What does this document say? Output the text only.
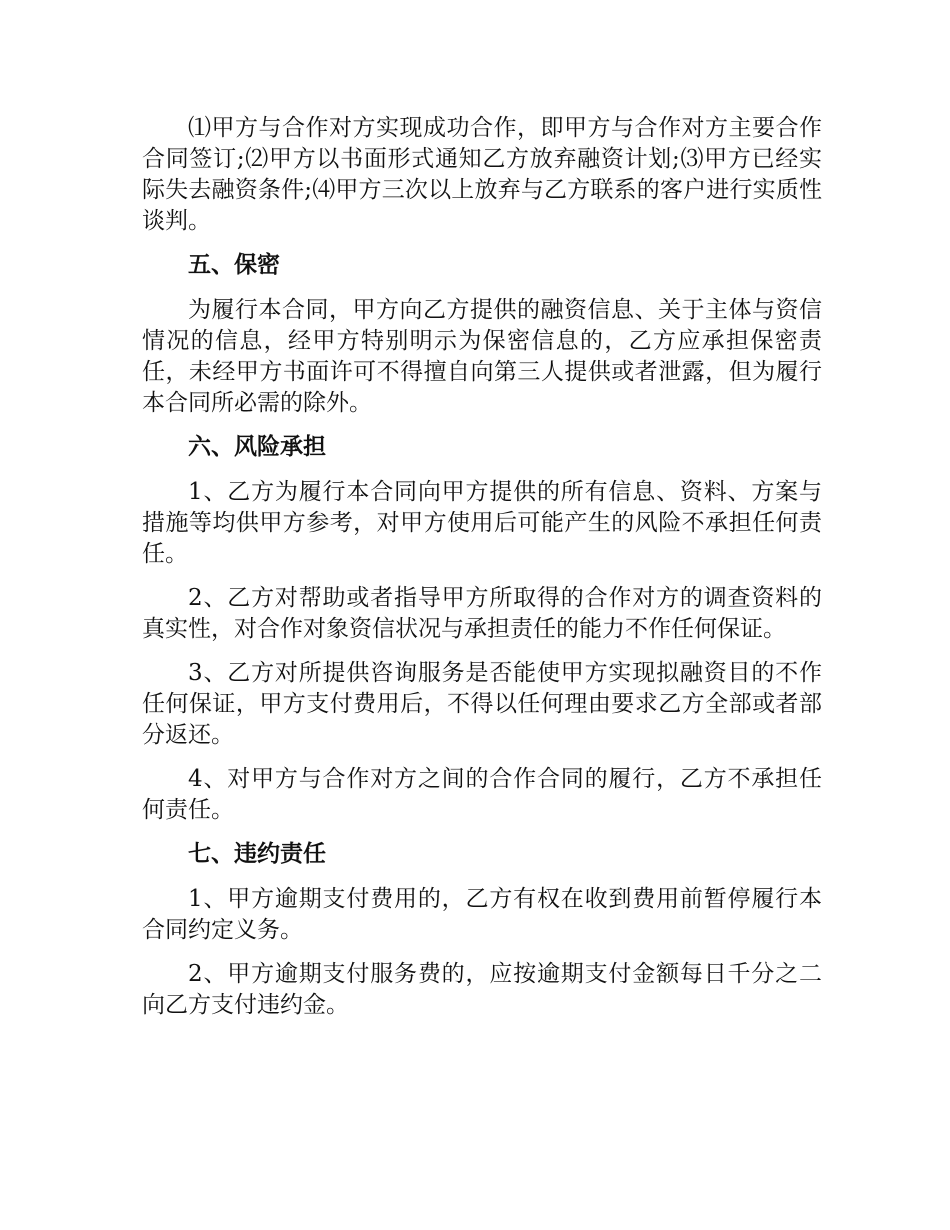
⑴甲方与合作对方实现成功合作，即甲方与合作对方主要合作合同签订;⑵甲方以书面形式通知乙方放弃融资计划;⑶甲方已经实际失去融资条件;⑷甲方三次以上放弃与乙方联系的客户进行实质性谈判。

五、保密

为履行本合同，甲方向乙方提供的融资信息、关于主体与资信情况的信息，经甲方特别明示为保密信息的，乙方应承担保密责任，未经甲方书面许可不得擅自向第三人提供或者泄露，但为履行本合同所必需的除外。

六、风险承担

1、乙方为履行本合同向甲方提供的所有信息、资料、方案与措施等均供甲方参考，对甲方使用后可能产生的风险不承担任何责任。

2、乙方对帮助或者指导甲方所取得的合作对方的调查资料的真实性，对合作对象资信状况与承担责任的能力不作任何保证。

3、乙方对所提供咨询服务是否能使甲方实现拟融资目的不作任何保证，甲方支付费用后，不得以任何理由要求乙方全部或者部分返还。

4、对甲方与合作对方之间的合作合同的履行，乙方不承担任何责任。

七、违约责任

1、甲方逾期支付费用的，乙方有权在收到费用前暂停履行本合同约定义务。

2、甲方逾期支付服务费的，应按逾期支付金额每日千分之二向乙方支付违约金。
